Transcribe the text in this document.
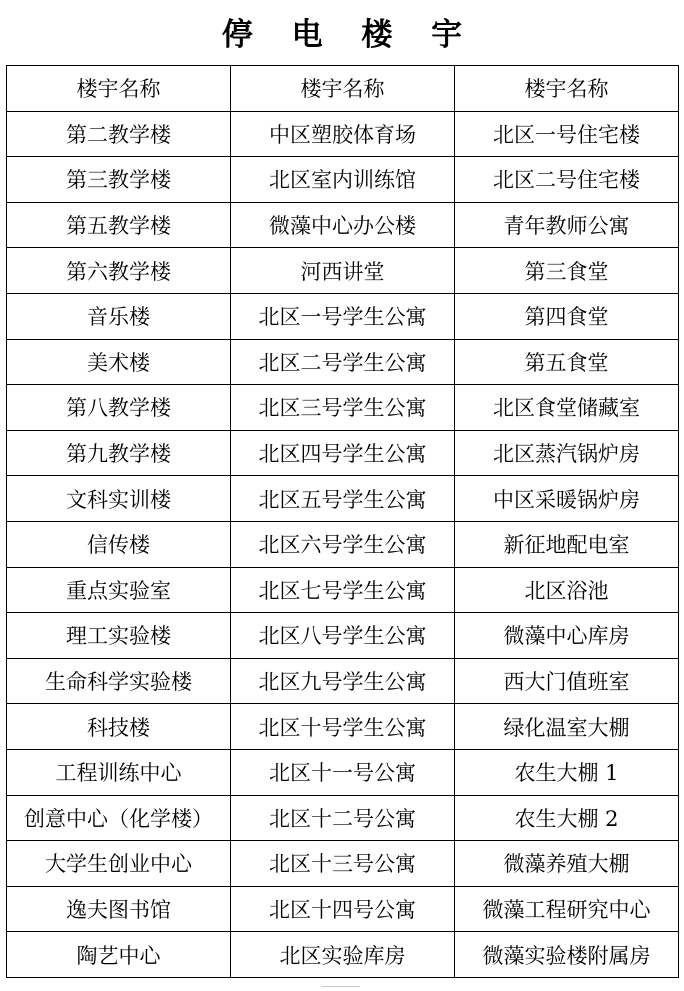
停 电 楼 宇
楼宇名称	楼宇名称	楼宇名称
第二教学楼	中区塑胶体育场	北区一号住宅楼
第三教学楼	北区室内训练馆	北区二号住宅楼
第五教学楼	微藻中心办公楼	青年教师公寓
第六教学楼	河西讲堂	第三食堂
音乐楼	北区一号学生公寓	第四食堂
美术楼	北区二号学生公寓	第五食堂
第八教学楼	北区三号学生公寓	北区食堂储藏室
第九教学楼	北区四号学生公寓	北区蒸汽锅炉房
文科实训楼	北区五号学生公寓	中区采暖锅炉房
信传楼	北区六号学生公寓	新征地配电室
重点实验室	北区七号学生公寓	北区浴池
理工实验楼	北区八号学生公寓	微藻中心库房
生命科学实验楼	北区九号学生公寓	西大门值班室
科技楼	北区十号学生公寓	绿化温室大棚
工程训练中心	北区十一号公寓	农生大棚 1
创意中心（化学楼）	北区十二号公寓	农生大棚 2
大学生创业中心	北区十三号公寓	微藻养殖大棚
逸夫图书馆	北区十四号公寓	微藻工程研究中心
陶艺中心	北区实验库房	微藻实验楼附属房
